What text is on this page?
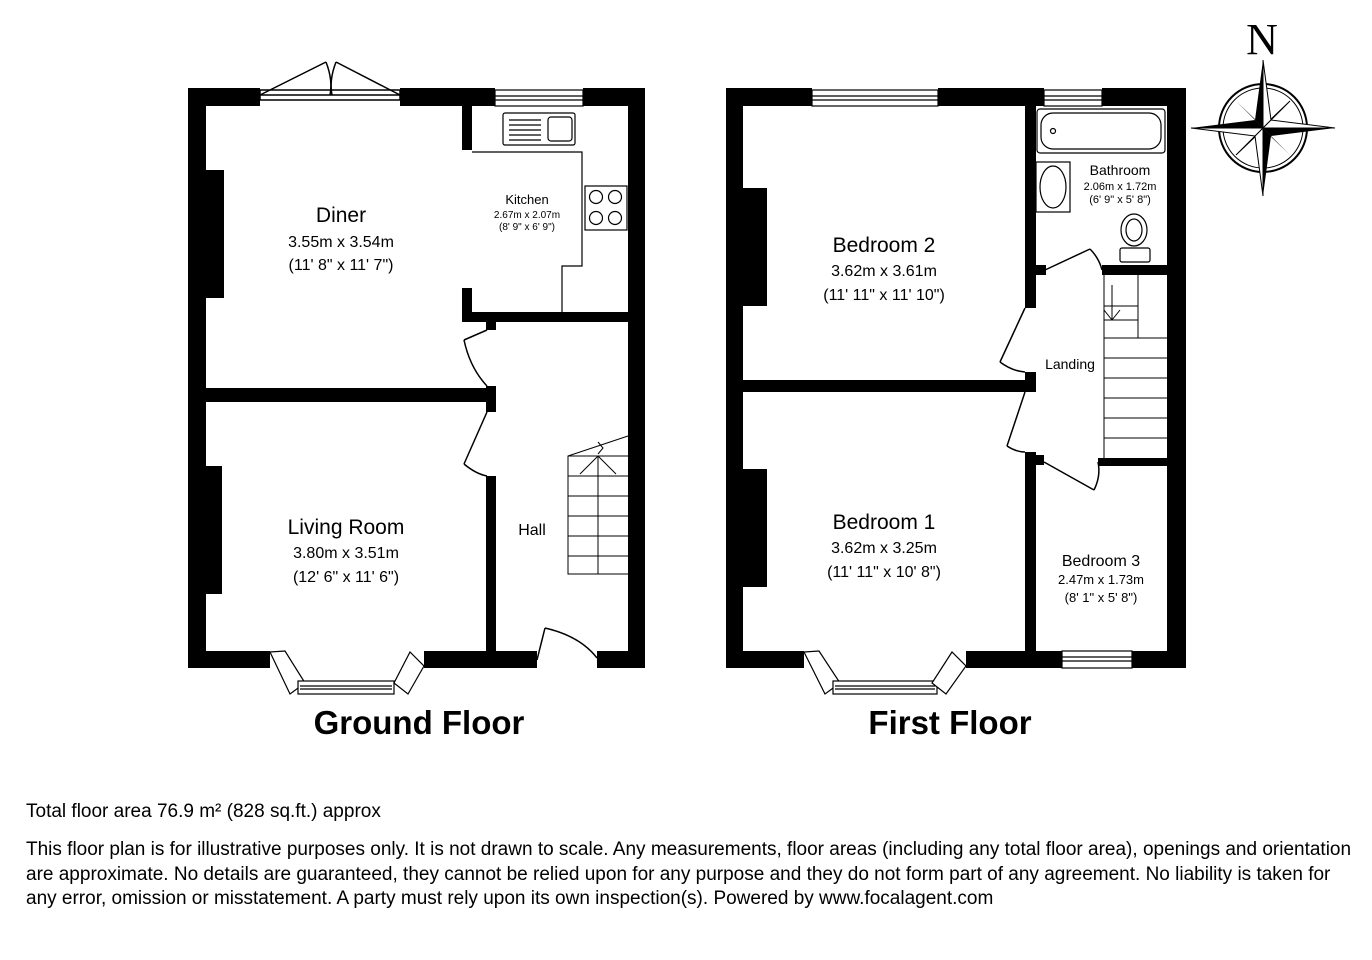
Diner
3.55m x 3.54m
(11' 8" x 11' 7")
Kitchen
2.67m x 2.07m
(8' 9" x 6' 9")
Living Room
3.80m x 3.51m
(12' 6" x 11' 6")
Hall
Ground Floor
Bedroom 2
3.62m x 3.61m
(11' 11" x 11' 10")
Bathroom
2.06m x 1.72m
(6' 9" x 5' 8")
Landing
Bedroom 1
3.62m x 3.25m
(11' 11" x 10' 8")
Bedroom 3
2.47m x 1.73m
(8' 1" x 5' 8")
First Floor
N

Total floor area 76.9 m² (828 sq.ft.) approx

This floor plan is for illustrative purposes only. It is not drawn to scale. Any measurements, floor areas (including any total floor area), openings and orientation are approximate. No details are guaranteed, they cannot be relied upon for any purpose and they do not form part of any agreement. No liability is taken for any error, omission or misstatement. A party must rely upon its own inspection(s). Powered by www.focalagent.com
